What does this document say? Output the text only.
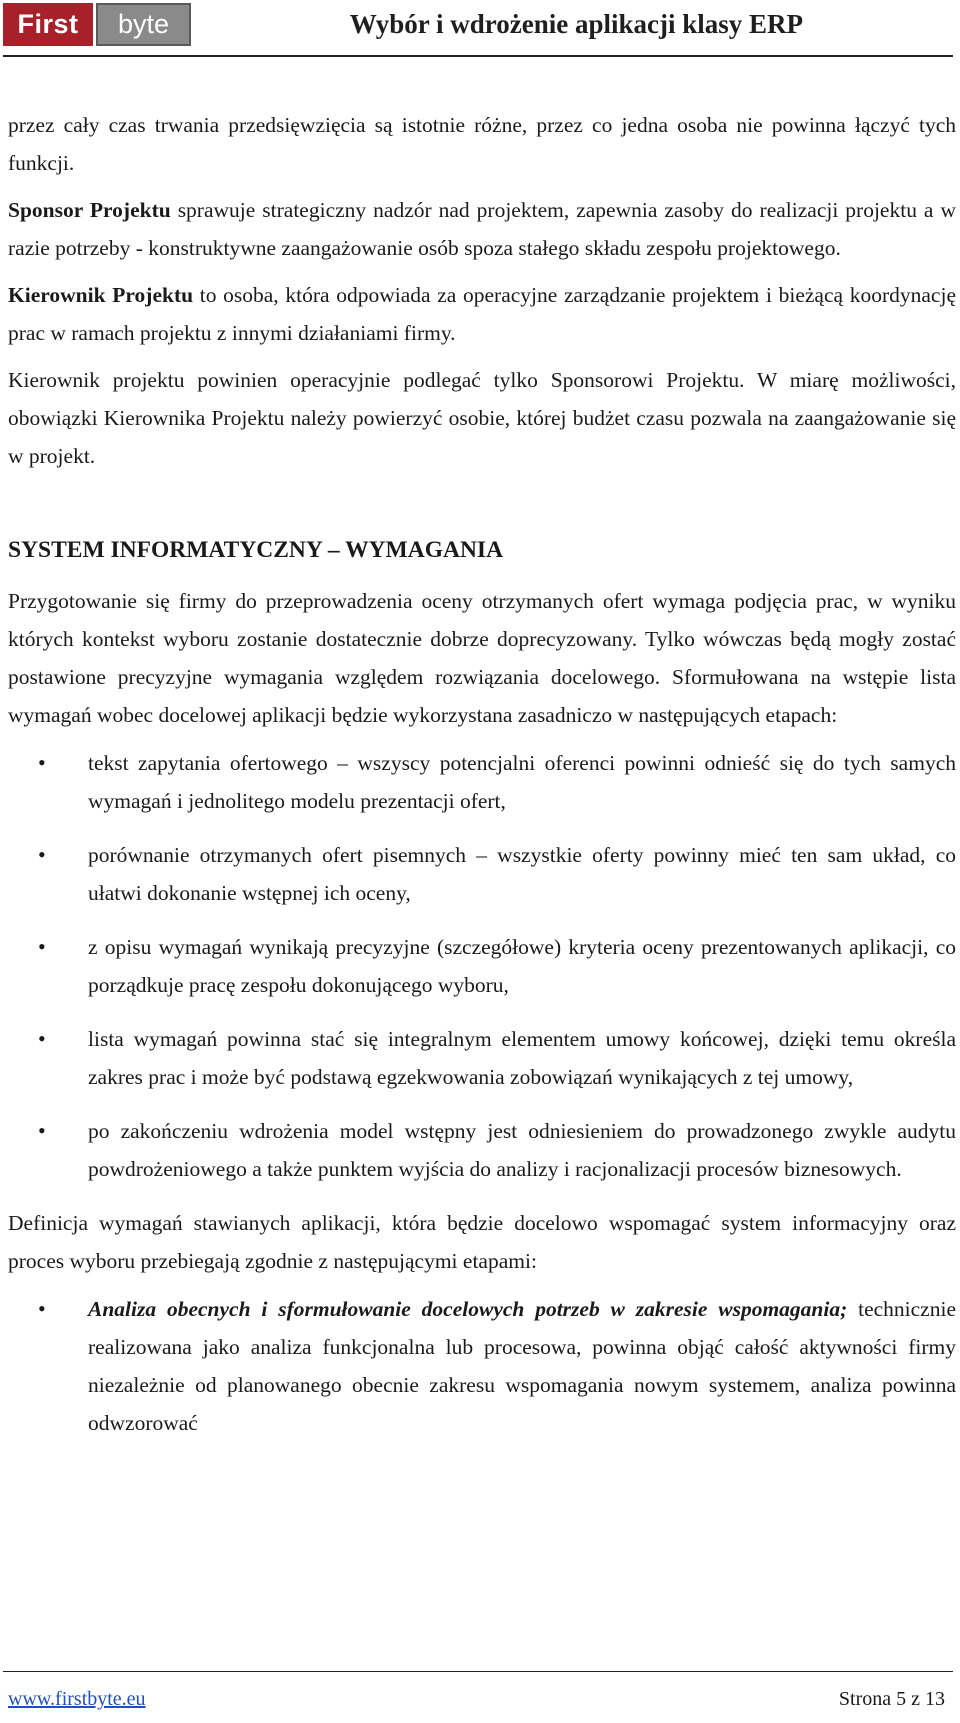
First	byte	Wybór i wdrożenie aplikacji klasy ERP

przez cały czas trwania przedsięwzięcia są istotnie różne, przez co jedna osoba nie powinna łączyć tych funkcji.

Sponsor Projektu sprawuje strategiczny nadzór nad projektem, zapewnia zasoby do realizacji projektu a w razie potrzeby - konstruktywne zaangażowanie osób spoza stałego składu zespołu projektowego.

Kierownik Projektu to osoba, która odpowiada za operacyjne zarządzanie projektem i bieżącą koordynację prac w ramach projektu z innymi działaniami firmy.

Kierownik projektu powinien operacyjnie podlegać tylko Sponsorowi Projektu. W miarę możliwości, obowiązki Kierownika Projektu należy powierzyć osobie, której budżet czasu pozwala na zaangażowanie się w projekt.

SYSTEM INFORMATYCZNY – WYMAGANIA

Przygotowanie się firmy do przeprowadzenia oceny otrzymanych ofert wymaga podjęcia prac, w wyniku których kontekst wyboru zostanie dostatecznie dobrze doprecyzowany. Tylko wówczas będą mogły zostać postawione precyzyjne wymagania względem rozwiązania docelowego. Sformułowana na wstępie lista wymagań wobec docelowej aplikacji będzie wykorzystana zasadniczo w następujących etapach:

• tekst zapytania ofertowego – wszyscy potencjalni oferenci powinni odnieść się do tych samych wymagań i jednolitego modelu prezentacji ofert,
• porównanie otrzymanych ofert pisemnych – wszystkie oferty powinny mieć ten sam układ, co ułatwi dokonanie wstępnej ich oceny,
• z opisu wymagań wynikają precyzyjne (szczegółowe) kryteria oceny prezentowanych aplikacji, co porządkuje pracę zespołu dokonującego wyboru,
• lista wymagań powinna stać się integralnym elementem umowy końcowej, dzięki temu określa zakres prac i może być podstawą egzekwowania zobowiązań wynikających z tej umowy,
• po zakończeniu wdrożenia model wstępny jest odniesieniem do prowadzonego zwykle audytu powdrożeniowego a także punktem wyjścia do analizy i racjonalizacji procesów biznesowych.

Definicja wymagań stawianych aplikacji, która będzie docelowo wspomagać system informacyjny oraz proces wyboru przebiegają zgodnie z następującymi etapami:

• Analiza obecnych i sformułowanie docelowych potrzeb w zakresie wspomagania; technicznie realizowana jako analiza funkcjonalna lub procesowa, powinna objąć całość aktywności firmy niezależnie od planowanego obecnie zakresu wspomagania nowym systemem, analiza powinna odwzorować
www.firstbyte.eu	Strona 5 z 13
